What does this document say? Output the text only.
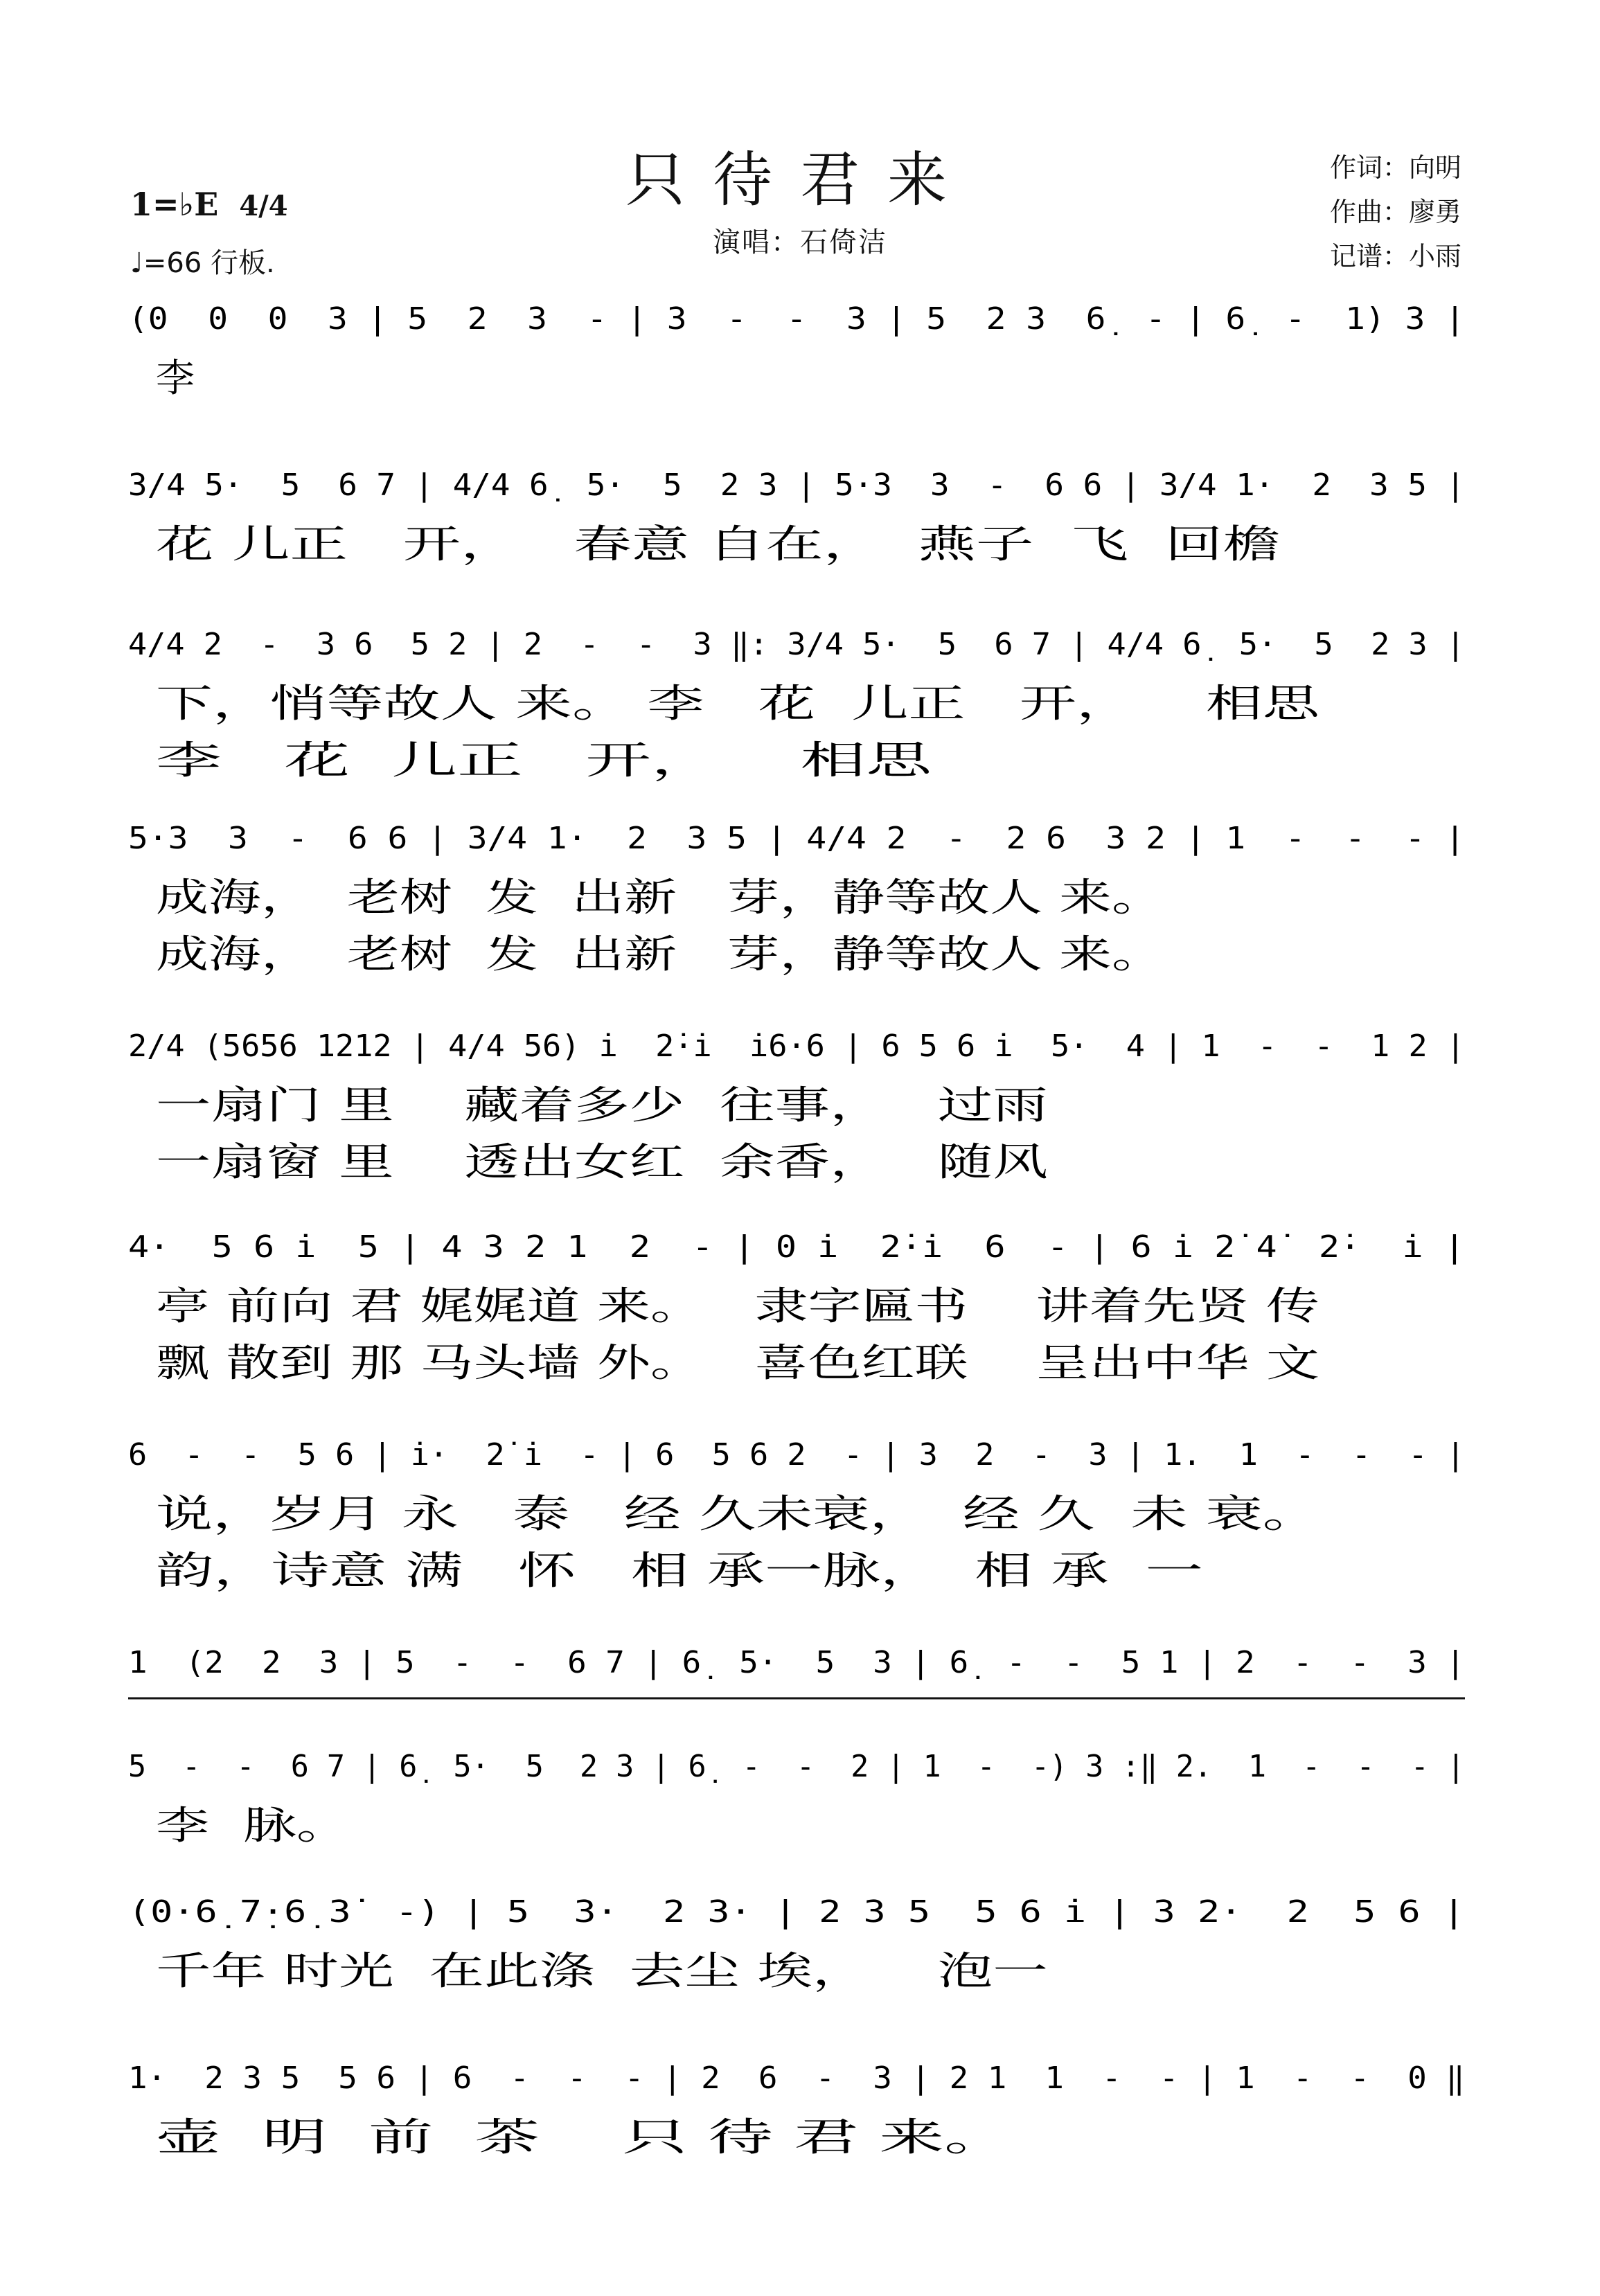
只待君来
演唱：石倚洁
1=♭E 4/4
♩=66 行板.
作词：向明
作曲：廖勇
记谱：小雨
(0  0  0  3 | 5  2  3  - | 3  -  -  3 | 5  2 3  6̣  - | 6̣  -  1) 3 |
李
3/4 5·  5  6 7 | 4/4 6̣  5·  5  2 3 | 5·3  3  -  6 6 | 3/4 1·  2  3 5 |
花 儿正   开，   春意 自在，  燕子  飞  回檐
4/4 2  -  3 6  5 2 | 2  -  -  3 ‖: 3/4 5·  5  6 7 | 4/4 6̣  5·  5  2 3 |
下，悄等故人 来。 李   花  儿正   开，    相思
李   花  儿正   开，    相思
5·3  3  -  6 6 | 3/4 1·  2  3 5 | 4/4 2  -  2 6  3 2 | 1  -  -  - |
成海，  老树  发  出新   芽，静等故人 来。
成海，  老树  发  出新   芽，静等故人 来。
2/4 (5656 1212 | 4/4 56) i̇  2̇·i̇  i̇6·6 | 6 5 6 i̇  5·  4 | 1  -  -  1 2 |
一扇门 里    藏着多少  往事，   过雨
一扇窗 里    透出女红  余香，   随风
4·  5 6 i̇  5 | 4 3 2 1  2  - | 0 i̇  2̇·i̇  6  - | 6 i̇ 2̇ 4̇  2̇·  i̇ |
亭 前向 君 娓娓道 来。   隶字匾书    讲着先贤 传
飘 散到 那 马头墙 外。   喜色红联    呈出中华 文
6  -  -  5 6 | i̇·  2̇ i̇  - | 6  5 6 2  - | 3  2  -  3 | 1.  1  -  -  - |
说，岁月 永   泰   经 久未衰，  经 久  未 衰。
韵，诗意 满   怀   相 承一脉，  相 承  一
1  (2  2  3 | 5  -  -  6 7 | 6̣  5·  5  3 | 6̣  -  -  5 1 | 2  -  -  3 |
5  -  -  6 7 | 6̣  5·  5  2 3 | 6̣  -  -  2 | 1  -  -) 3 :‖ 2.  1  -  -  - |
李  脉。
(0·6̣ 7̣·6̣ 3̇  -) | 5  3·  2 3· | 2 3 5  5 6 i̇ | 3 2·  2  5 6 |
千年 时光  在此涤  去尘 埃，    泡一
1·  2 3 5  5 6 | 6  -  -  - | 2  6  -  3 | 2 1  1  -  - | 1  -  -  0 ‖
壶  明  前  茶    只 待 君 来。
